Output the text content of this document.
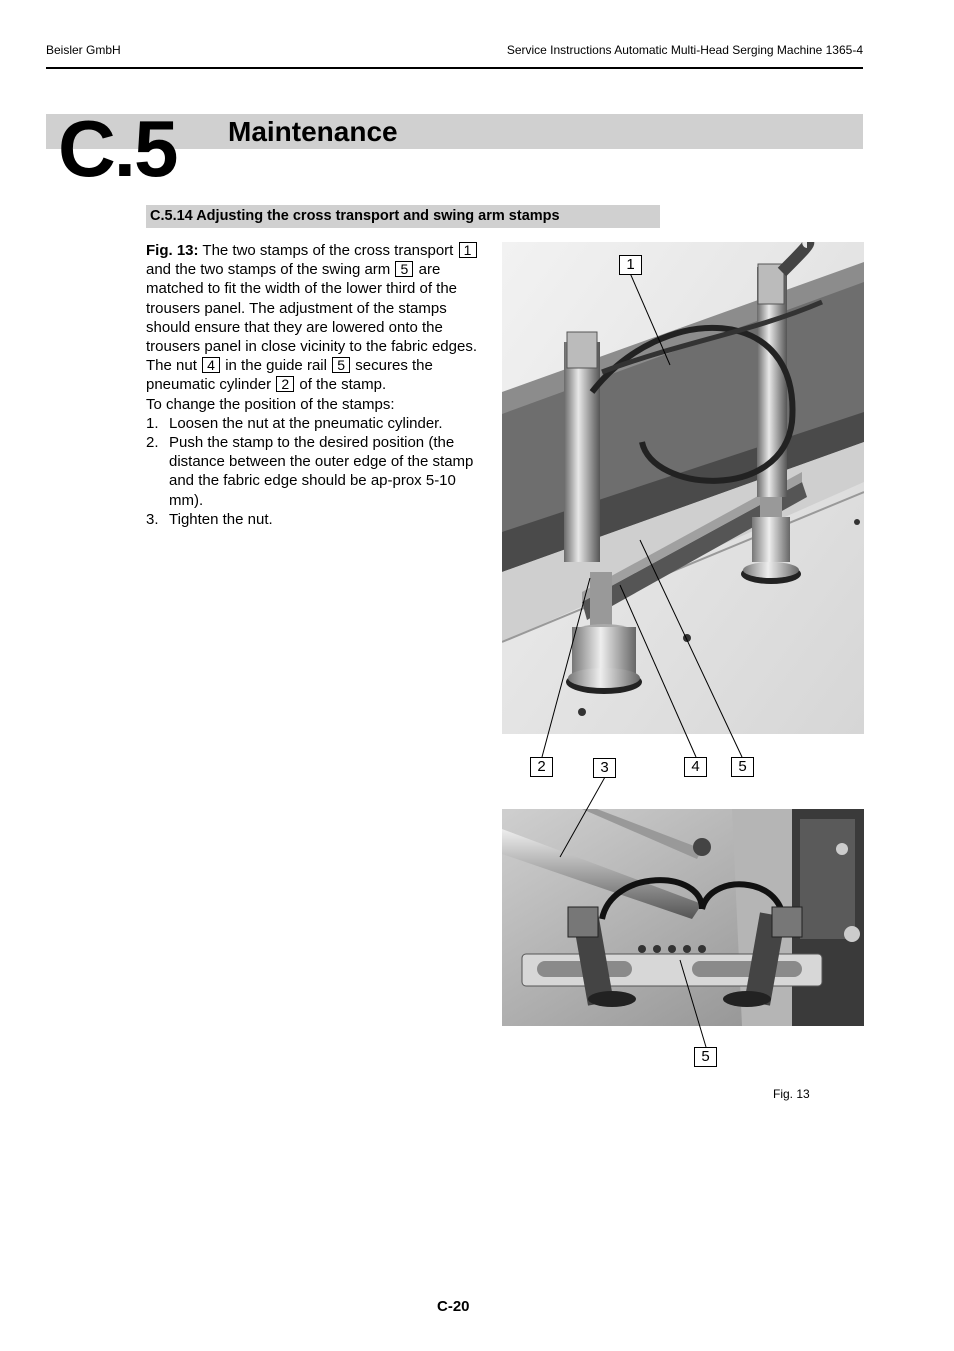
Beisler GmbH	Service Instructions Automatic Multi-Head Serging Machine 1365-4
C.5 Maintenance
C.5.14 Adjusting the cross transport and swing arm stamps

Fig. 13: The two stamps of the cross transport 1 and the two stamps of the swing arm 5 are matched to fit the width of the lower third of the trousers panel. The adjustment of the stamps should ensure that they are lowered onto the trousers panel in close vicinity to the fabric edges.

The nut 4 in the guide rail 5 secures the pneumatic cylinder 2 of the stamp.

To change the position of the stamps:

1. Loosen the nut at the pneumatic cylinder.
2. Push the stamp to the desired position (the distance between the outer edge of the stamp and the fabric edge should be ap-prox 5-10 mm).
3. Tighten the nut.
1
2	3	4	5
5
Fig. 13
C-20
